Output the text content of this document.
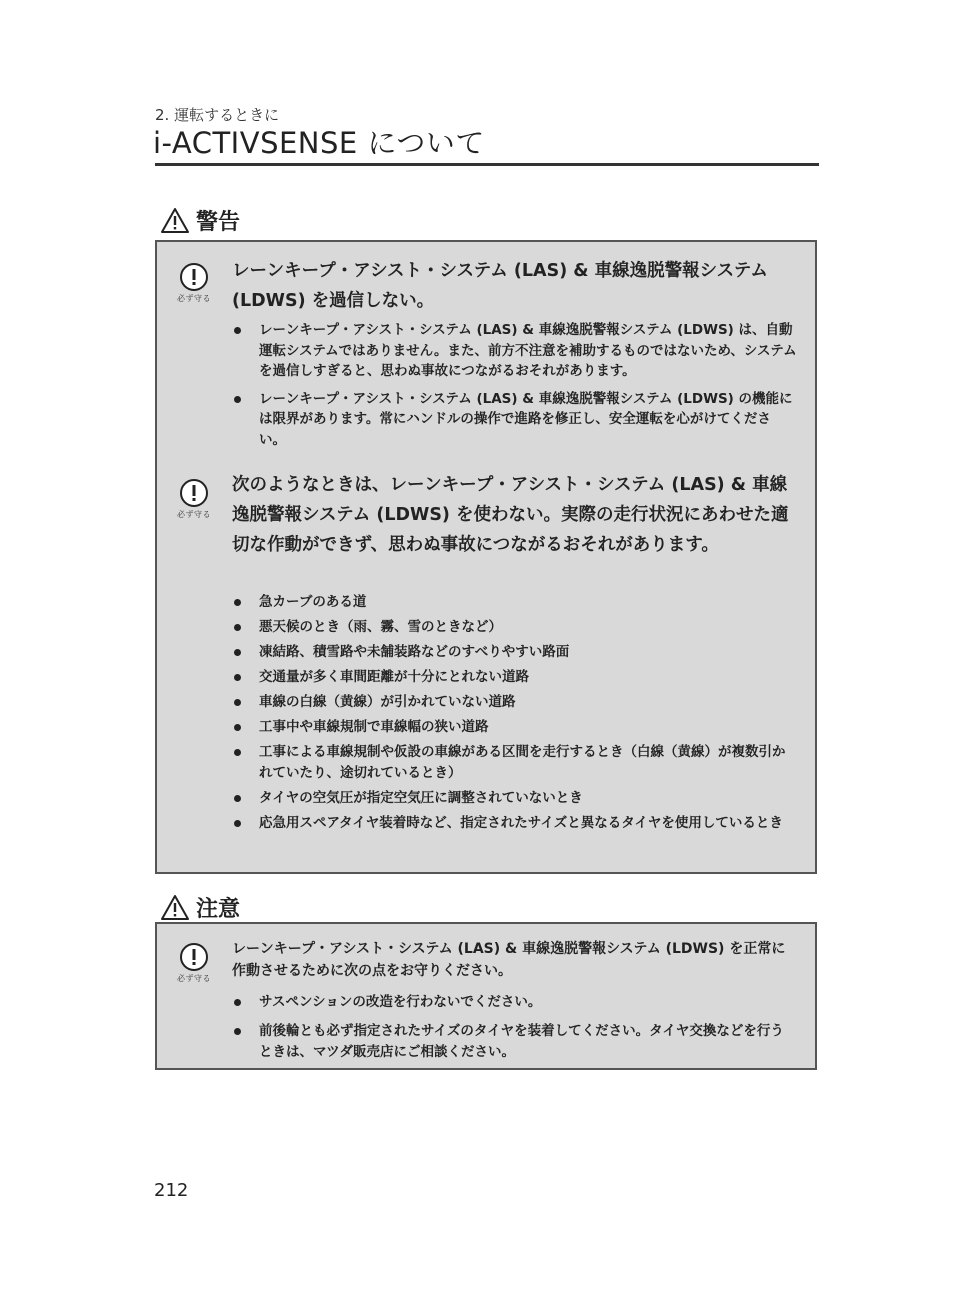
2. 運転するときに
i-ACTIVSENSE について
警告
必ず守る

レーンキープ・アシスト・システム (LAS) & 車線逸脱警報システム (LDWS) を過信しない。

レーンキープ・アシスト・システム (LAS) & 車線逸脱警報システム (LDWS) は、自動運転システムではありません。また、前方不注意を補助するものではないため、システムを過信しすぎると、思わぬ事故につながるおそれがあります。
レーンキープ・アシスト・システム (LAS) & 車線逸脱警報システム (LDWS) の機能には限界があります。常にハンドルの操作で進路を修正し、安全運転を心がけてください。
必ず守る

次のようなときは、レーンキープ・アシスト・システム (LAS) & 車線逸脱警報システム (LDWS) を使わない。実際の走行状況にあわせた適切な作動ができず、思わぬ事故につながるおそれがあります。

急カーブのある道
悪天候のとき（雨、霧、雪のときなど）
凍結路、積雪路や未舗装路などのすべりやすい路面
交通量が多く車間距離が十分にとれない道路
車線の白線（黄線）が引かれていない道路
工事中や車線規制で車線幅の狭い道路
工事による車線規制や仮設の車線がある区間を走行するとき（白線（黄線）が複数引かれていたり、途切れているとき）
タイヤの空気圧が指定空気圧に調整されていないとき
応急用スペアタイヤ装着時など、指定されたサイズと異なるタイヤを使用しているとき
注意
必ず守る

レーンキープ・アシスト・システム (LAS) & 車線逸脱警報システム (LDWS) を正常に作動させるために次の点をお守りください。

サスペンションの改造を行わないでください。
前後輪とも必ず指定されたサイズのタイヤを装着してください。タイヤ交換などを行うときは、マツダ販売店にご相談ください。
212
